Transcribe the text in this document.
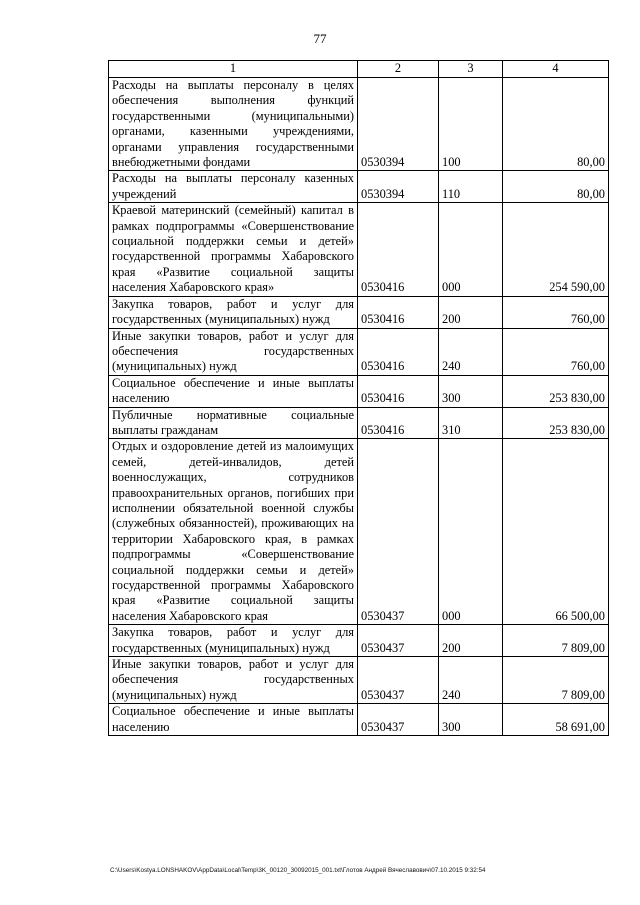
77
1	2	3	4

Расходы на выплаты персоналу в целях обеспечения выполнения функций государственными (муниципальными) органами, казенными учреждениями, органами управления государственными внебюджетными фондами	0530394	100	80,00

Расходы на выплаты персоналу казенных учреждений	0530394	110	80,00

Краевой материнский (семейный) капитал в рамках подпрограммы «Совершенствование социальной поддержки семьи и детей» государственной программы Хабаровского края «Развитие социальной защиты населения Хабаровского края»	0530416	000	254 590,00

Закупка товаров, работ и услуг для государственных (муниципальных) нужд	0530416	200	760,00

Иные закупки товаров, работ и услуг для обеспечения государственных (муниципальных) нужд	0530416	240	760,00

Социальное обеспечение и иные выплаты населению	0530416	300	253 830,00

Публичные нормативные социальные выплаты гражданам	0530416	310	253 830,00

Отдых и оздоровление детей из малоимущих семей, детей-инвалидов, детей военнослужащих, сотрудников правоохранительных органов, погибших при исполнении обязательной военной службы (служебных обязанностей), проживающих на территории Хабаровского края, в рамках подпрограммы «Совершенствование социальной поддержки семьи и детей» государственной программы Хабаровского края «Развитие социальной защиты населения Хабаровского края	0530437	000	66 500,00

Закупка товаров, работ и услуг для государственных (муниципальных) нужд	0530437	200	7 809,00

Иные закупки товаров, работ и услуг для обеспечения государственных (муниципальных) нужд	0530437	240	7 809,00

Социальное обеспечение и иные выплаты населению	0530437	300	58 691,00
C:\Users\Kostya.LONSHAKOV\AppData\Local\Temp\3K_00120_30092015_001.txt\Глотов Андрей Вячеславович\07.10.2015 9:32:54
